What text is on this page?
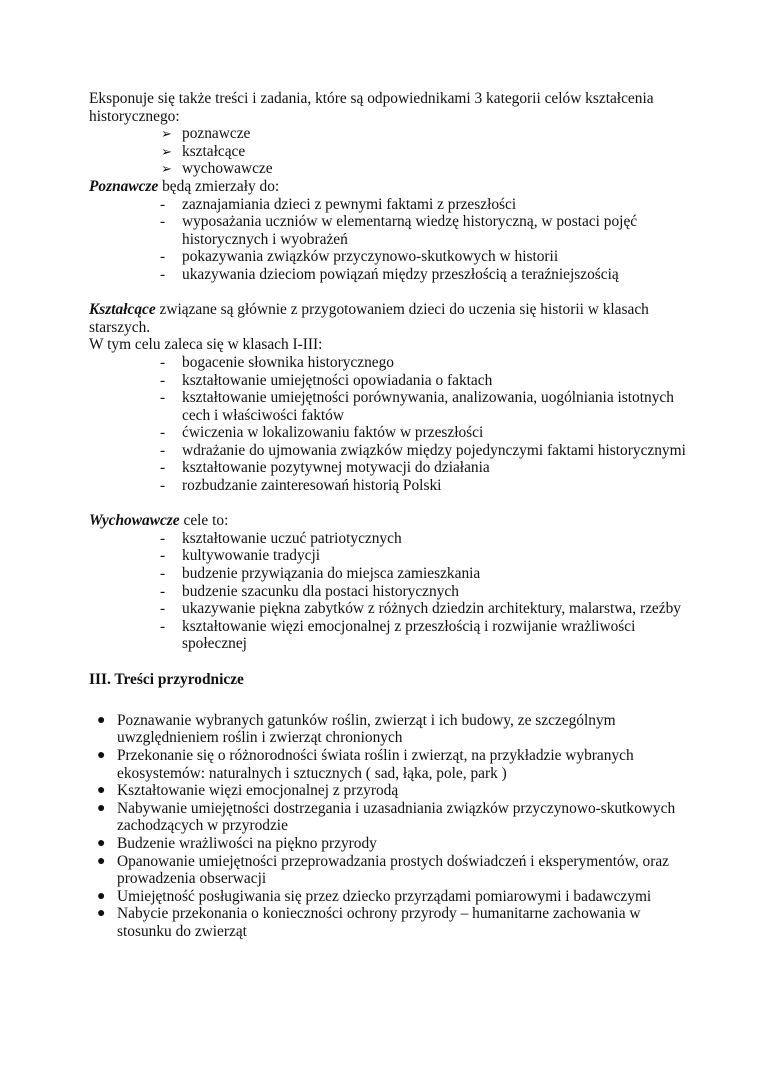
Eksponuje się także treści i zadania, które są odpowiednikami 3 kategorii celów kształcenia historycznego:

➢ poznawcze
➢ kształcące
➢ wychowawcze

Poznawcze będą zmierzały do:

- zaznajamiania dzieci z pewnymi faktami z przeszłości
- wyposażania uczniów w elementarną wiedzę historyczną, w postaci pojęć historycznych i wyobrażeń
- pokazywania związków przyczynowo-skutkowych w historii
- ukazywania dzieciom powiązań między przeszłością a teraźniejszością

Kształcące związane są głównie z przygotowaniem dzieci do uczenia się historii w klasach starszych.

W tym celu zaleca się w klasach I-III:

- bogacenie słownika historycznego
- kształtowanie umiejętności opowiadania o faktach
- kształtowanie umiejętności porównywania, analizowania, uogólniania istotnych cech i właściwości faktów
- ćwiczenia w lokalizowaniu faktów w przeszłości
- wdrażanie do ujmowania związków między pojedynczymi faktami historycznymi
- kształtowanie pozytywnej motywacji do działania
- rozbudzanie zainteresowań historią Polski

Wychowawcze cele to:

- kształtowanie uczuć patriotycznych
- kultywowanie tradycji
- budzenie przywiązania do miejsca zamieszkania
- budzenie szacunku dla postaci historycznych
- ukazywanie piękna zabytków z różnych dziedzin architektury, malarstwa, rzeźby
- kształtowanie więzi emocjonalnej z przeszłością i rozwijanie wrażliwości społecznej
III. Treści przyrodnicze
● Poznawanie wybranych gatunków roślin, zwierząt i ich budowy, ze szczególnym uwzględnieniem roślin i zwierząt chronionych
● Przekonanie się o różnorodności świata roślin i zwierząt, na przykładzie wybranych ekosystemów: naturalnych i sztucznych ( sad, łąka, pole, park )
● Kształtowanie więzi emocjonalnej z przyrodą
● Nabywanie umiejętności dostrzegania i uzasadniania związków przyczynowo-skutkowych zachodzących w przyrodzie
● Budzenie wrażliwości na piękno przyrody
● Opanowanie umiejętności przeprowadzania prostych doświadczeń i eksperymentów, oraz prowadzenia obserwacji
● Umiejętność posługiwania się przez dziecko przyrządami pomiarowymi i badawczymi
● Nabycie przekonania o konieczności ochrony przyrody – humanitarne zachowania w stosunku do zwierząt
